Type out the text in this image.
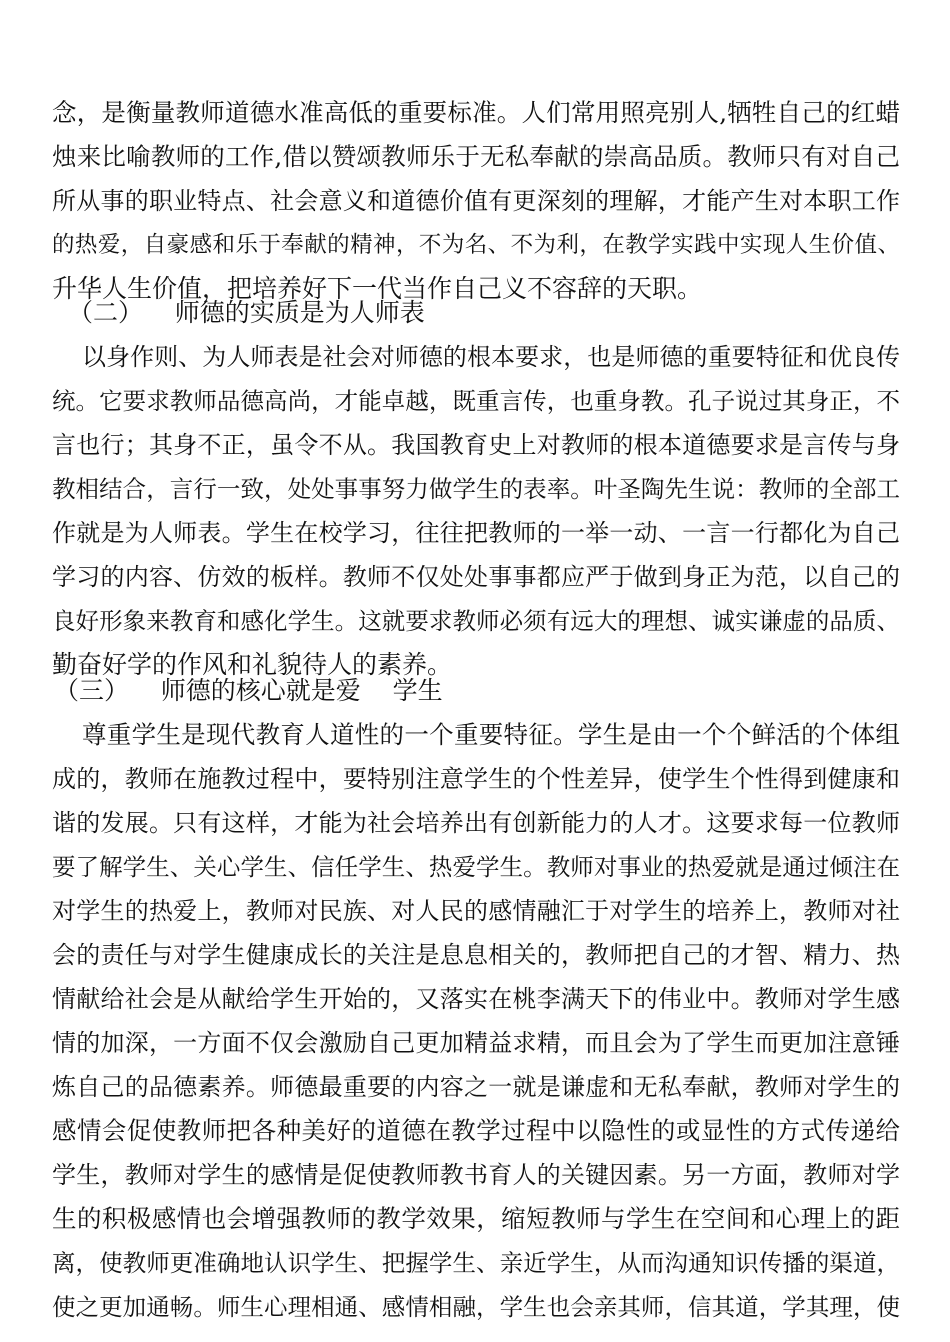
念，是衡量教师道德水准高低的重要标准。人们常用照亮别人,牺牲自己的红蜡
烛来比喻教师的工作,借以赞颂教师乐于无私奉献的崇高品质。教师只有对自己
所从事的职业特点、社会意义和道德价值有更深刻的理解，才能产生对本职工作
的热爱，自豪感和乐于奉献的精神，不为名、不为利，在教学实践中实现人生价值、
升华人生价值，把培养好下一代当作自己义不容辞的天职。
（二）    师德的实质是为人师表
以身作则、为人师表是社会对师德的根本要求，也是师德的重要特征和优良传
统。它要求教师品德高尚，才能卓越，既重言传，也重身教。孔子说过其身正，不
言也行；其身不正，虽令不从。我国教育史上对教师的根本道德要求是言传与身
教相结合，言行一致，处处事事努力做学生的表率。叶圣陶先生说：教师的全部工
作就是为人师表。学生在校学习，往往把教师的一举一动、一言一行都化为自己
学习的内容、仿效的板样。教师不仅处处事事都应严于做到身正为范，以自己的
良好形象来教育和感化学生。这就要求教师必须有远大的理想、诚实谦虚的品质、
勤奋好学的作风和礼貌待人的素养。
（三）    师德的核心就是爱    学生
尊重学生是现代教育人道性的一个重要特征。学生是由一个个鲜活的个体组
成的，教师在施教过程中，要特别注意学生的个性差异，使学生个性得到健康和
谐的发展。只有这样，才能为社会培养出有创新能力的人才。这要求每一位教师
要了解学生、关心学生、信任学生、热爱学生。教师对事业的热爱就是通过倾注在
对学生的热爱上，教师对民族、对人民的感情融汇于对学生的培养上，教师对社
会的责任与对学生健康成长的关注是息息相关的，教师把自己的才智、精力、热
情献给社会是从献给学生开始的，又落实在桃李满天下的伟业中。教师对学生感
情的加深，一方面不仅会激励自己更加精益求精，而且会为了学生而更加注意锤
炼自己的品德素养。师德最重要的内容之一就是谦虚和无私奉献，教师对学生的
感情会促使教师把各种美好的道德在教学过程中以隐性的或显性的方式传递给
学生，教师对学生的感情是促使教师教书育人的关键因素。另一方面，教师对学
生的积极感情也会增强教师的教学效果，缩短教师与学生在空间和心理上的距
离，使教师更准确地认识学生、把握学生、亲近学生，从而沟通知识传播的渠道，
使之更加通畅。师生心理相通、感情相融，学生也会亲其师，信其道，学其理，使
